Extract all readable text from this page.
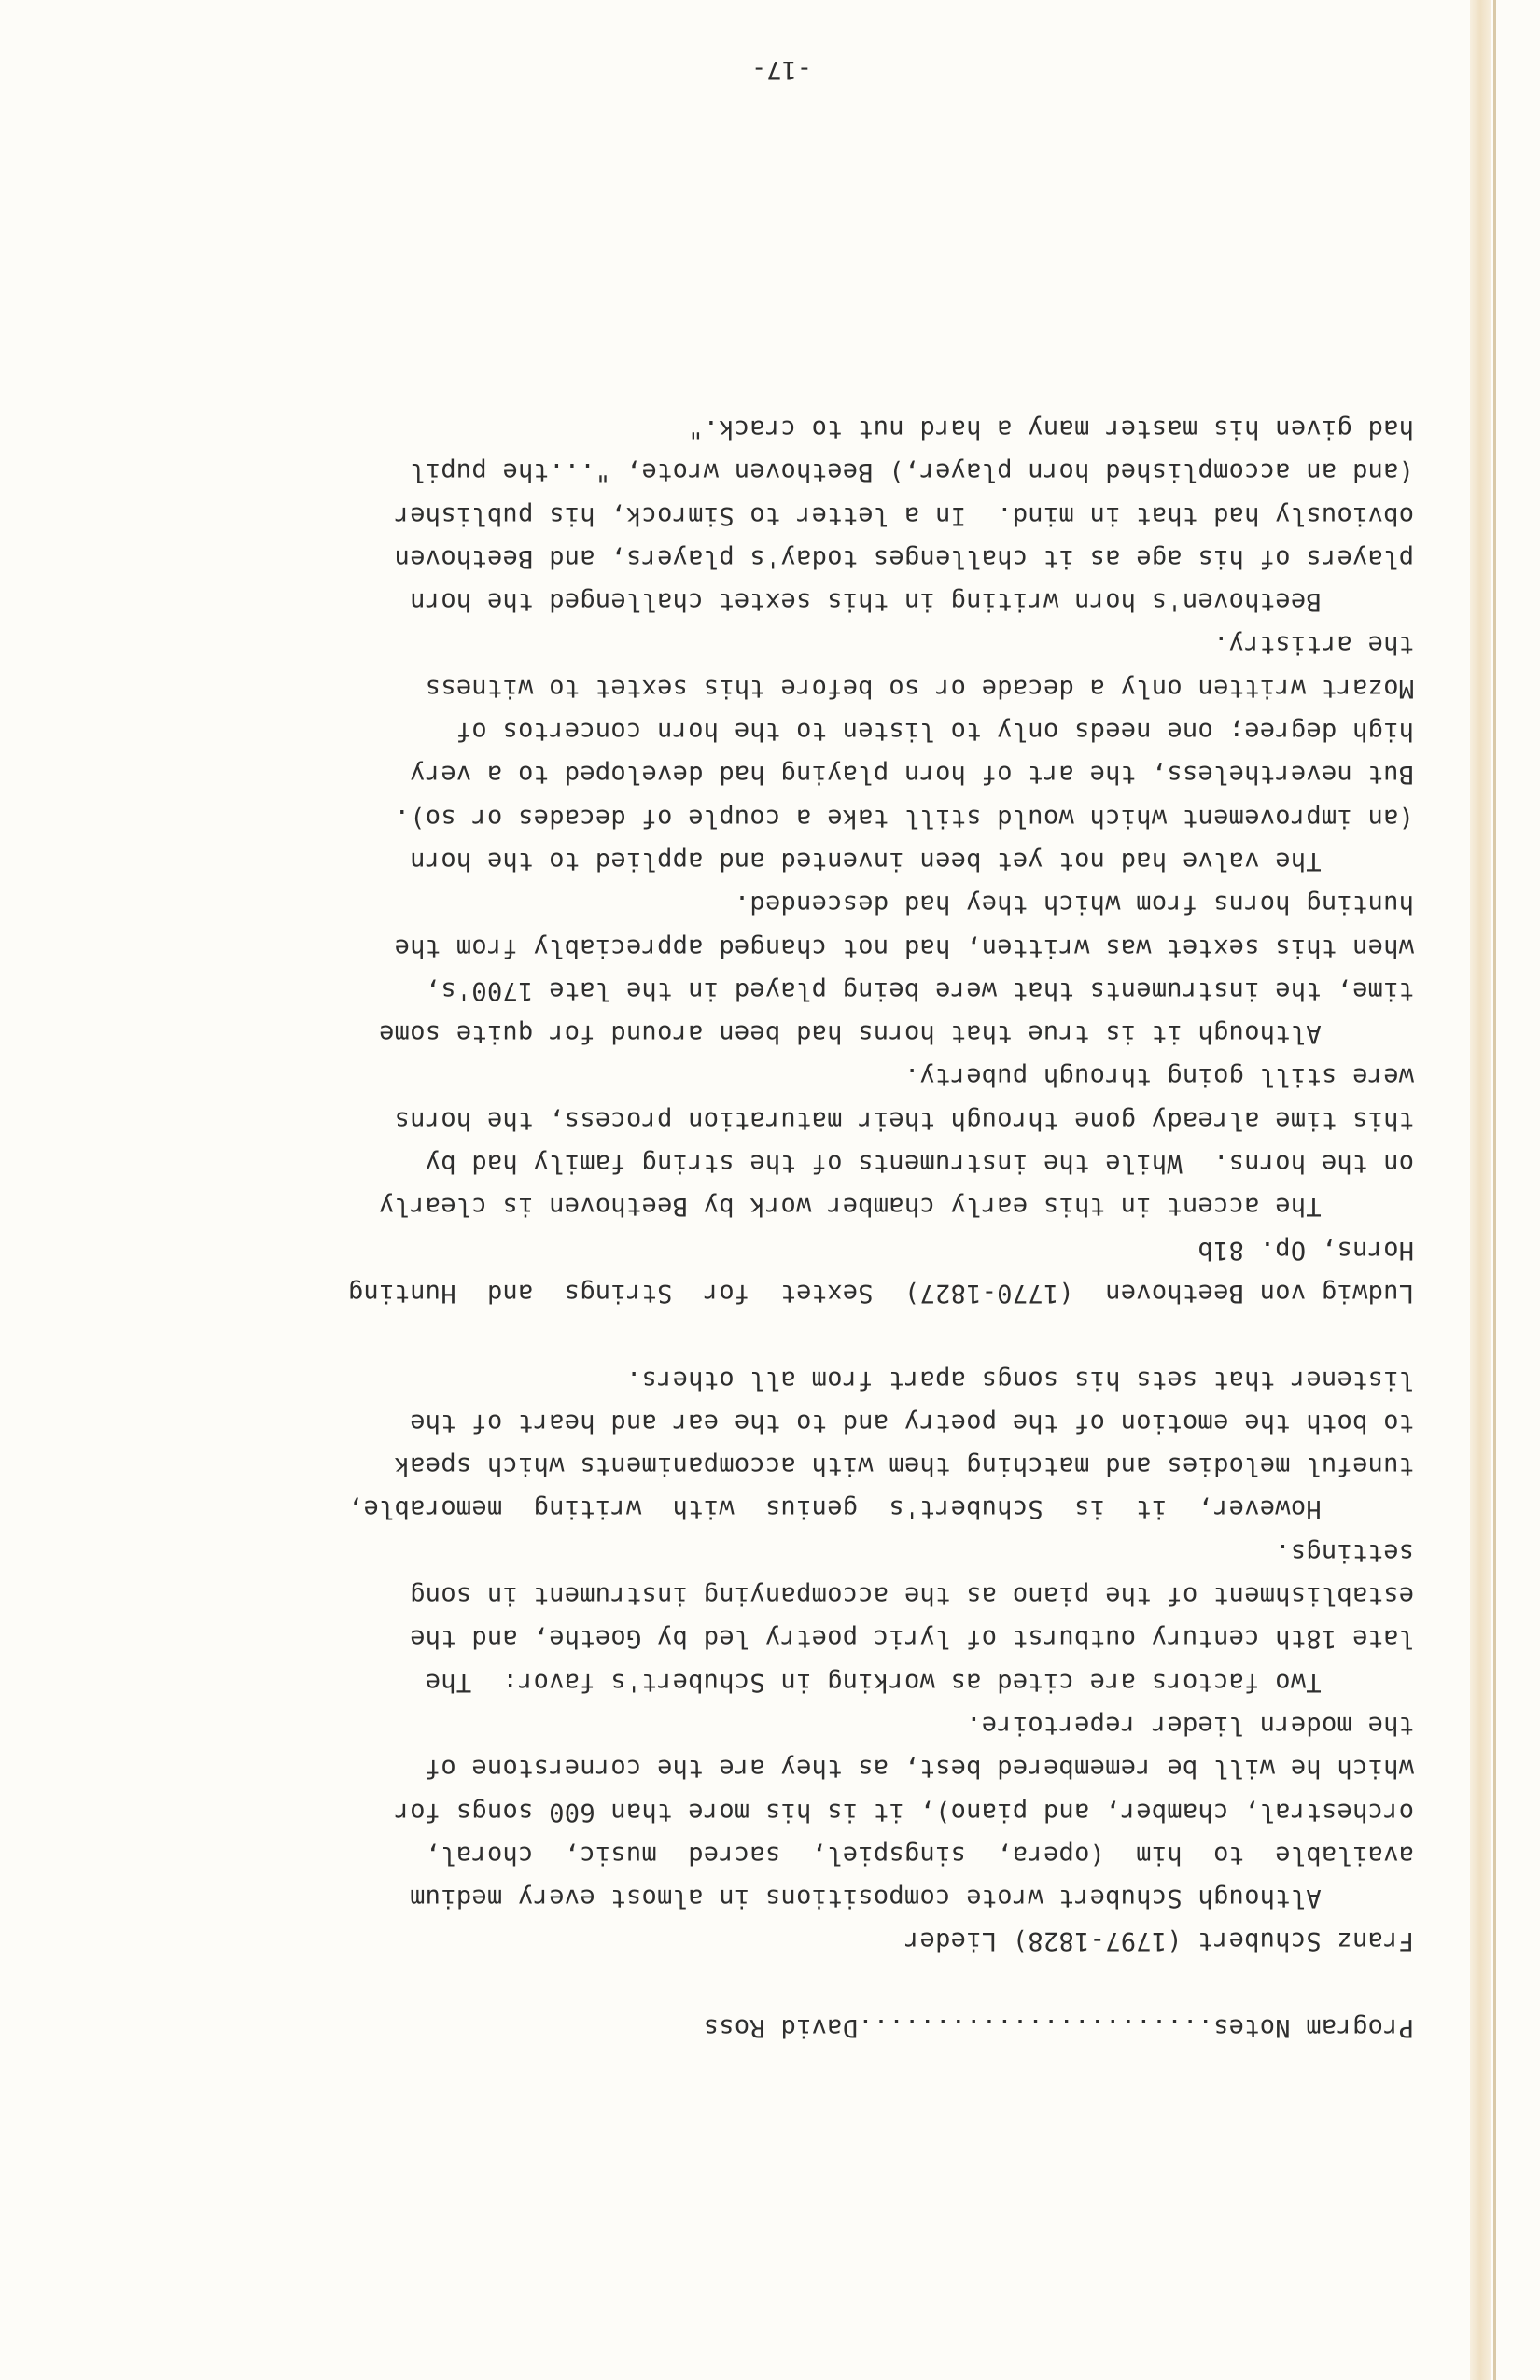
Program Notes.......................David Ross

Franz Schubert (1797-1828) Lieder
Although Schubert wrote compositions in almost every medium
available  to  him  (opera,  singspiel,  sacred  music,  choral,
orchestral, chamber, and piano), it is his more than 600 songs for
which he will be remembered best, as they are the cornerstone of
the modern lieder repertoire.
Two factors are cited as working in Schubert's favor:  The
late 18th century outburst of lyric poetry led by Goethe, and the
establishment of the piano as the accompanying instrument in song
settings.
However,  it  is  Schubert's  genius  with  writing  memorable,
tuneful melodies and matching them with accompaniments which speak
to both the emotion of the poetry and to the ear and heart of the
listener that sets his songs apart from all others.

Ludwig von Beethoven  (1770-1827)  Sextet  for  Strings  and  Hunting
Horns, Op. 81b
The accent in this early chamber work by Beethoven is clearly
on the horns.  While the instruments of the string family had by
this time already gone through their maturation process, the horns
were still going through puberty.
Although it is true that horns had been around for quite some
time, the instruments that were being played in the late 1700's,
when this sextet was written, had not changed appreciably from the
hunting horns from which they had descended.
The valve had not yet been invented and applied to the horn
(an improvement which would still take a couple of decades or so).
But nevertheless, the art of horn playing had developed to a very
high degree; one needs only to listen to the horn concertos of
Mozart written only a decade or so before this sextet to witness
the artistry.
Beethoven's horn writing in this sextet challenged the horn
players of his age as it challenges today's players, and Beethoven
obviously had that in mind.  In a letter to Simrock, his publisher
(and an accomplished horn player,) Beethoven wrote, "...the pupil
had given his master many a hard nut to crack."
-17-
